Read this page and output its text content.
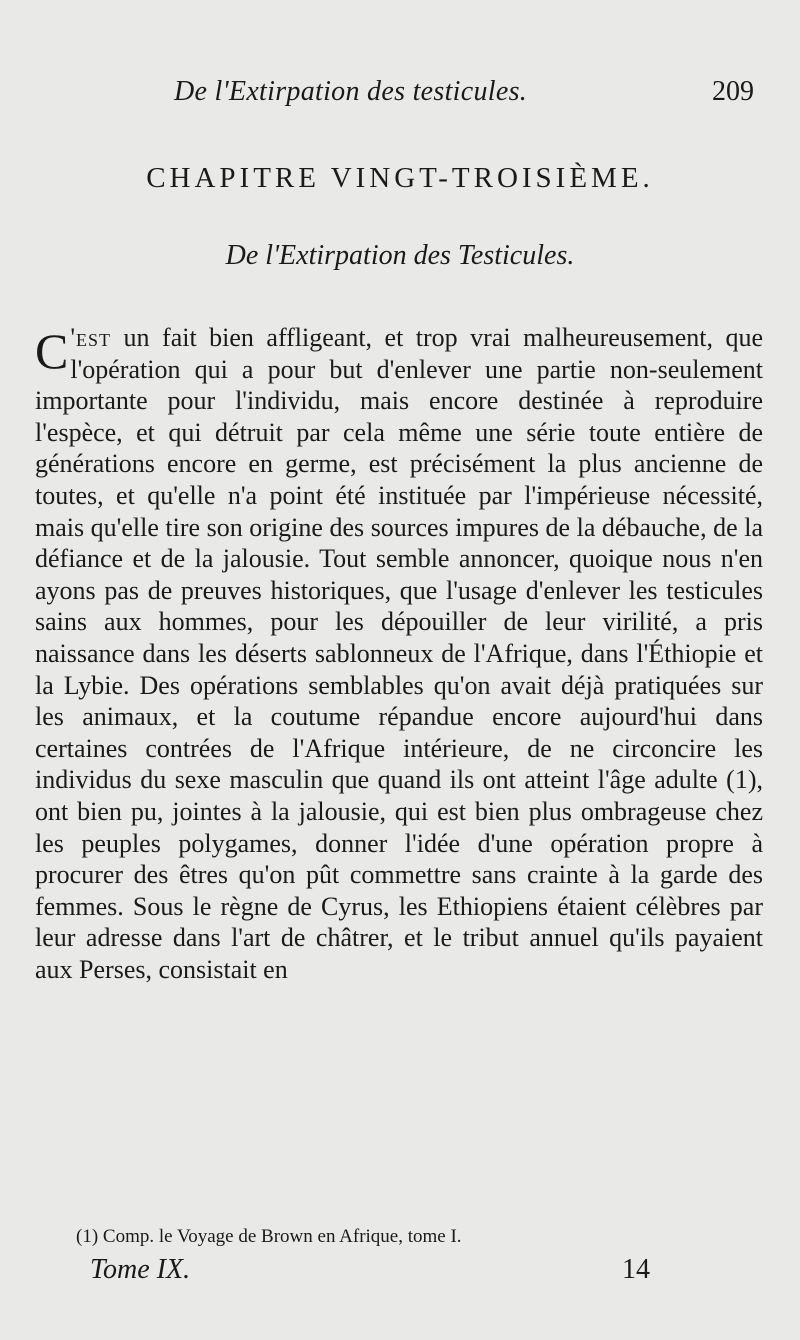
De l'Extirpation des testicules.	209
CHAPITRE VINGT-TROISIÈME.
De l'Extirpation des Testicules.
C 'est un fait bien affligeant, et trop vrai malheureusement, que l'opération qui a pour but d'enlever une partie non-seulement importante pour l'individu, mais encore destinée à reproduire l'espèce, et qui détruit par cela même une série toute entière de générations encore en germe, est précisément la plus ancienne de toutes, et qu'elle n'a point été instituée par l'impérieuse nécessité, mais qu'elle tire son origine des sources impures de la débauche, de la défiance et de la jalousie. Tout semble annoncer, quoique nous n'en ayons pas de preuves historiques, que l'usage d'enlever les testicules sains aux hommes, pour les dépouiller de leur virilité, a pris naissance dans les déserts sablonneux de l'Afrique, dans l'Éthiopie et la Lybie. Des opérations semblables qu'on avait déjà pratiquées sur les animaux, et la coutume répandue encore aujourd'hui dans certaines contrées de l'Afrique intérieure, de ne circoncire les individus du sexe masculin que quand ils ont atteint l'âge adulte (1), ont bien pu, jointes à la jalousie, qui est bien plus ombrageuse chez les peuples polygames, donner l'idée d'une opération propre à procurer des êtres qu'on pût commettre sans crainte à la garde des femmes. Sous le règne de Cyrus, les Ethiopiens étaient célèbres par leur adresse dans l'art de châtrer, et le tribut annuel qu'ils payaient aux Perses, consistait en
(1) Comp. le Voyage de Brown en Afrique, tome I.
Tome IX.	14
